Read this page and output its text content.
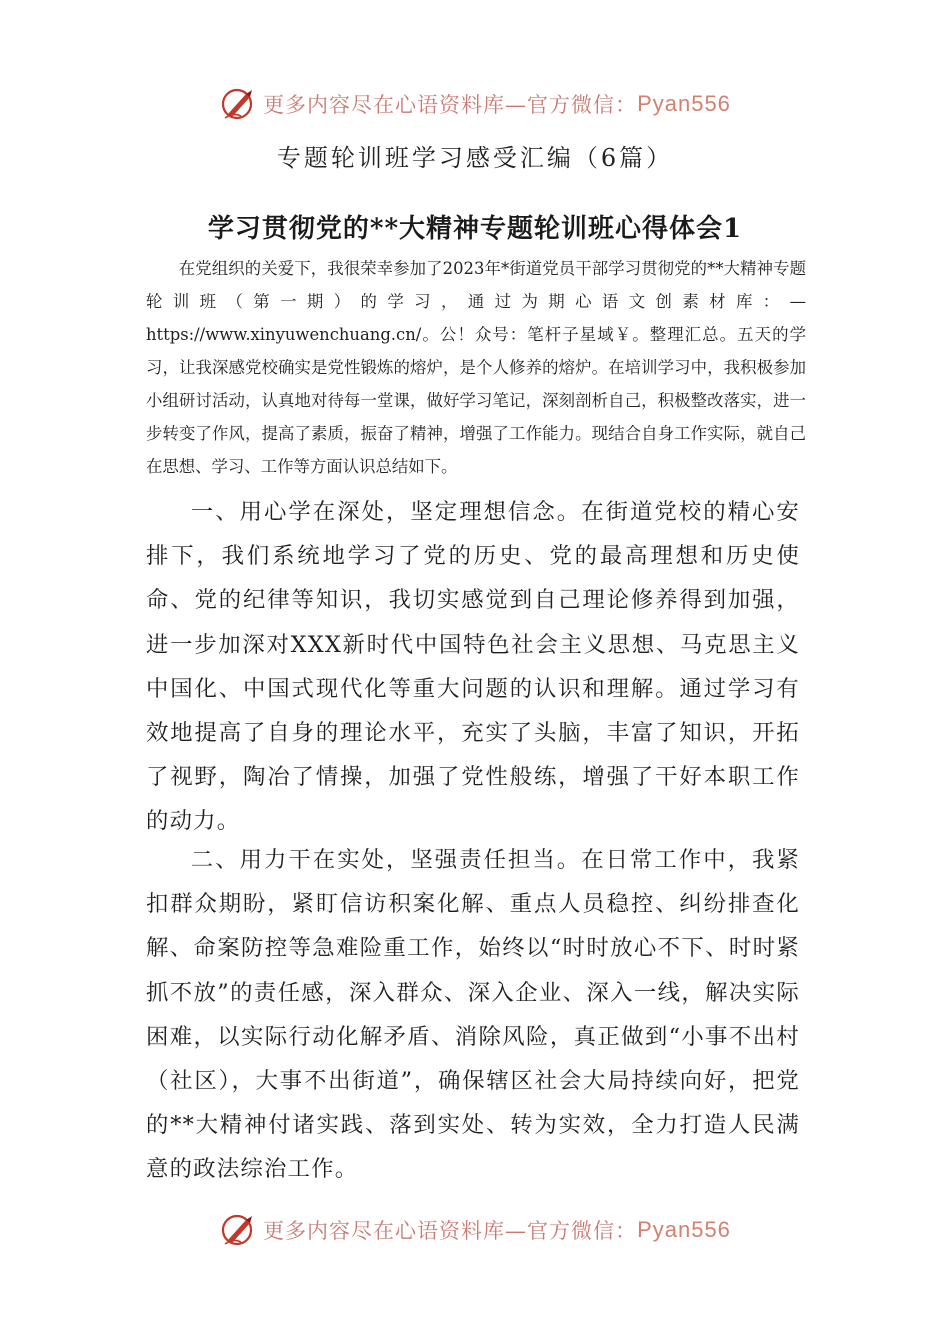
更多内容尽在心语资料库—官方微信： Pyan556
专题轮训班学习感受汇编（6篇）
学习贯彻党的**大精神专题轮训班心得体会1

在党组织的关爱下，我很荣幸参加了2023年*街道党员干部学习贯彻党的**大精神专题轮训班（第一期）的学习，通过为期心语文创素材库：—https://www.xinyuwenchuang.cn/。公！众号：笔杆子星域￥。整理汇总。五天的学习，让我深感党校确实是党性锻炼的熔炉，是个人修养的熔炉。在培训学习中，我积极参加小组研讨活动，认真地对待每一堂课，做好学习笔记，深刻剖析自己，积极整改落实，进一步转变了作风，提高了素质，振奋了精神，增强了工作能力。现结合自身工作实际，就自己在思想、学习、工作等方面认识总结如下。

一、用心学在深处，坚定理想信念。在街道党校的精心安排下，我们系统地学习了党的历史、党的最高理想和历史使命、党的纪律等知识，我切实感觉到自己理论修养得到加强，进一步加深对XXX新时代中国特色社会主义思想、马克思主义中国化、中国式现代化等重大问题的认识和理解。通过学习有效地提高了自身的理论水平，充实了头脑，丰富了知识，开拓了视野，陶冶了情操，加强了党性般练，增强了干好本职工作的动力。

二、用力干在实处，坚强责任担当。在日常工作中，我紧扣群众期盼，紧盯信访积案化解、重点人员稳控、纠纷排查化解、命案防控等急难险重工作，始终以“时时放心不下、时时紧抓不放”的责任感，深入群众、深入企业、深入一线，解决实际困难，以实际行动化解矛盾、消除风险，真正做到“小事不出村（社区），大事不出街道”，确保辖区社会大局持续向好，把党的**大精神付诸实践、落到实处、转为实效，全力打造人民满意的政法综治工作。

更多内容尽在心语资料库—官方微信： Pyan556
